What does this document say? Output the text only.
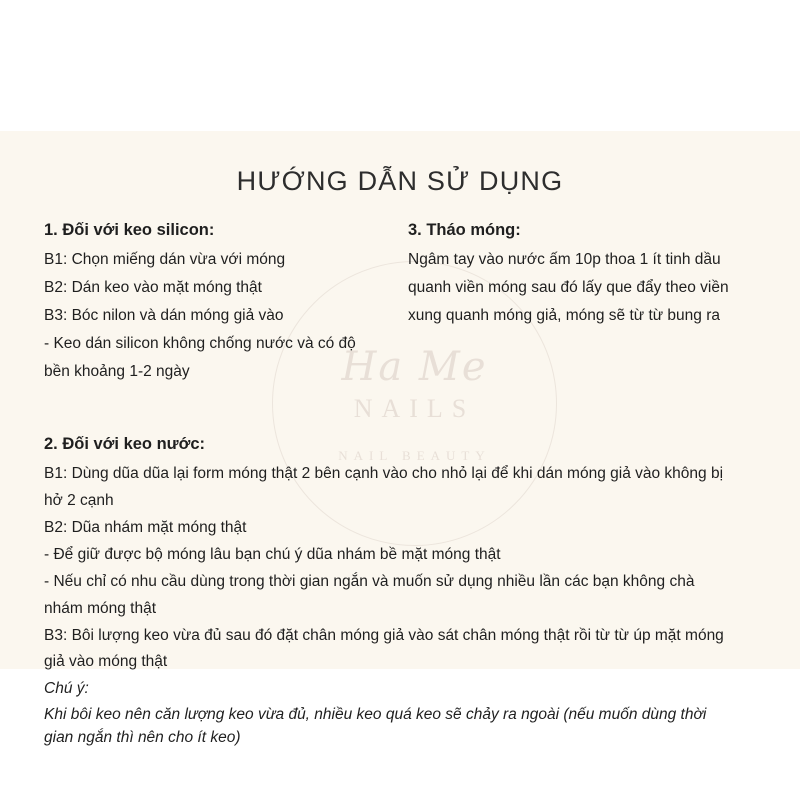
Ha Me
NAILS
NAIL BEAUTY
HƯỚNG DẪN SỬ DỤNG

1. Đối với keo silicon:

B1: Chọn miếng dán vừa với móng

B2: Dán keo vào mặt móng thật

B3: Bóc nilon và dán móng giả vào

- Keo dán silicon không chống nước và có độ

bền khoảng 1-2 ngày

3. Tháo móng:

Ngâm tay vào nước ấm 10p thoa 1 ít tinh dầu

quanh viền móng sau đó lấy que đẩy theo viền

xung quanh móng giả, móng sẽ từ từ bung ra

2. Đối với keo nước:

B1: Dùng dũa dũa lại form móng thật 2 bên cạnh vào cho nhỏ lại để khi dán móng giả vào không bị

hở 2 cạnh

B2: Dũa nhám mặt móng thật

- Để giữ được bộ móng lâu bạn chú ý dũa nhám bề mặt móng thật

- Nếu chỉ có nhu cầu dùng trong thời gian ngắn và muốn sử dụng nhiều lần các bạn không chà

nhám móng thật

B3: Bôi lượng keo vừa đủ sau đó đặt chân móng giả vào sát chân móng thật rồi từ từ úp mặt móng

giả vào móng thật

Chú ý:

Khi bôi keo nên căn lượng keo vừa đủ, nhiều keo quá keo sẽ chảy ra ngoài (nếu muốn dùng thời

gian ngắn thì nên cho ít keo)
